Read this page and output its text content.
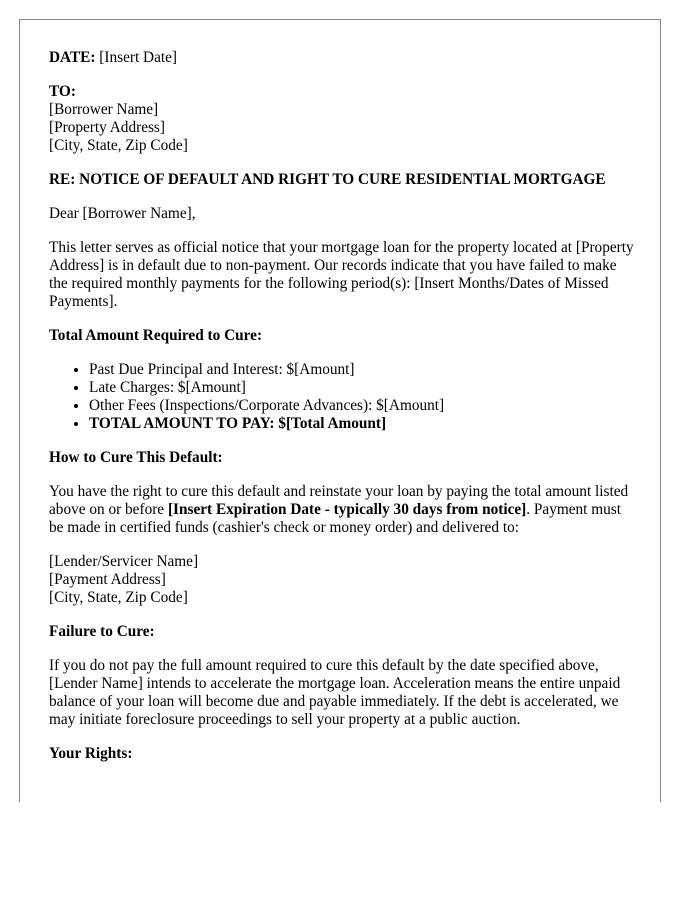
DATE: [Insert Date]

TO:
[Borrower Name]
[Property Address]
[City, State, Zip Code]

RE: NOTICE OF DEFAULT AND RIGHT TO CURE RESIDENTIAL MORTGAGE

Dear [Borrower Name],

This letter serves as official notice that your mortgage loan for the property located at [Property Address] is in default due to non-payment. Our records indicate that you have failed to make the required monthly payments for the following period(s): [Insert Months/Dates of Missed Payments].

Total Amount Required to Cure:

• Past Due Principal and Interest: $[Amount]
• Late Charges: $[Amount]
• Other Fees (Inspections/Corporate Advances): $[Amount]
• TOTAL AMOUNT TO PAY: $[Total Amount]

How to Cure This Default:

You have the right to cure this default and reinstate your loan by paying the total amount listed above on or before [Insert Expiration Date - typically 30 days from notice]. Payment must be made in certified funds (cashier's check or money order) and delivered to:

[Lender/Servicer Name]
[Payment Address]
[City, State, Zip Code]

Failure to Cure:

If you do not pay the full amount required to cure this default by the date specified above, [Lender Name] intends to accelerate the mortgage loan. Acceleration means the entire unpaid balance of your loan will become due and payable immediately. If the debt is accelerated, we may initiate foreclosure proceedings to sell your property at a public auction.

Your Rights:
